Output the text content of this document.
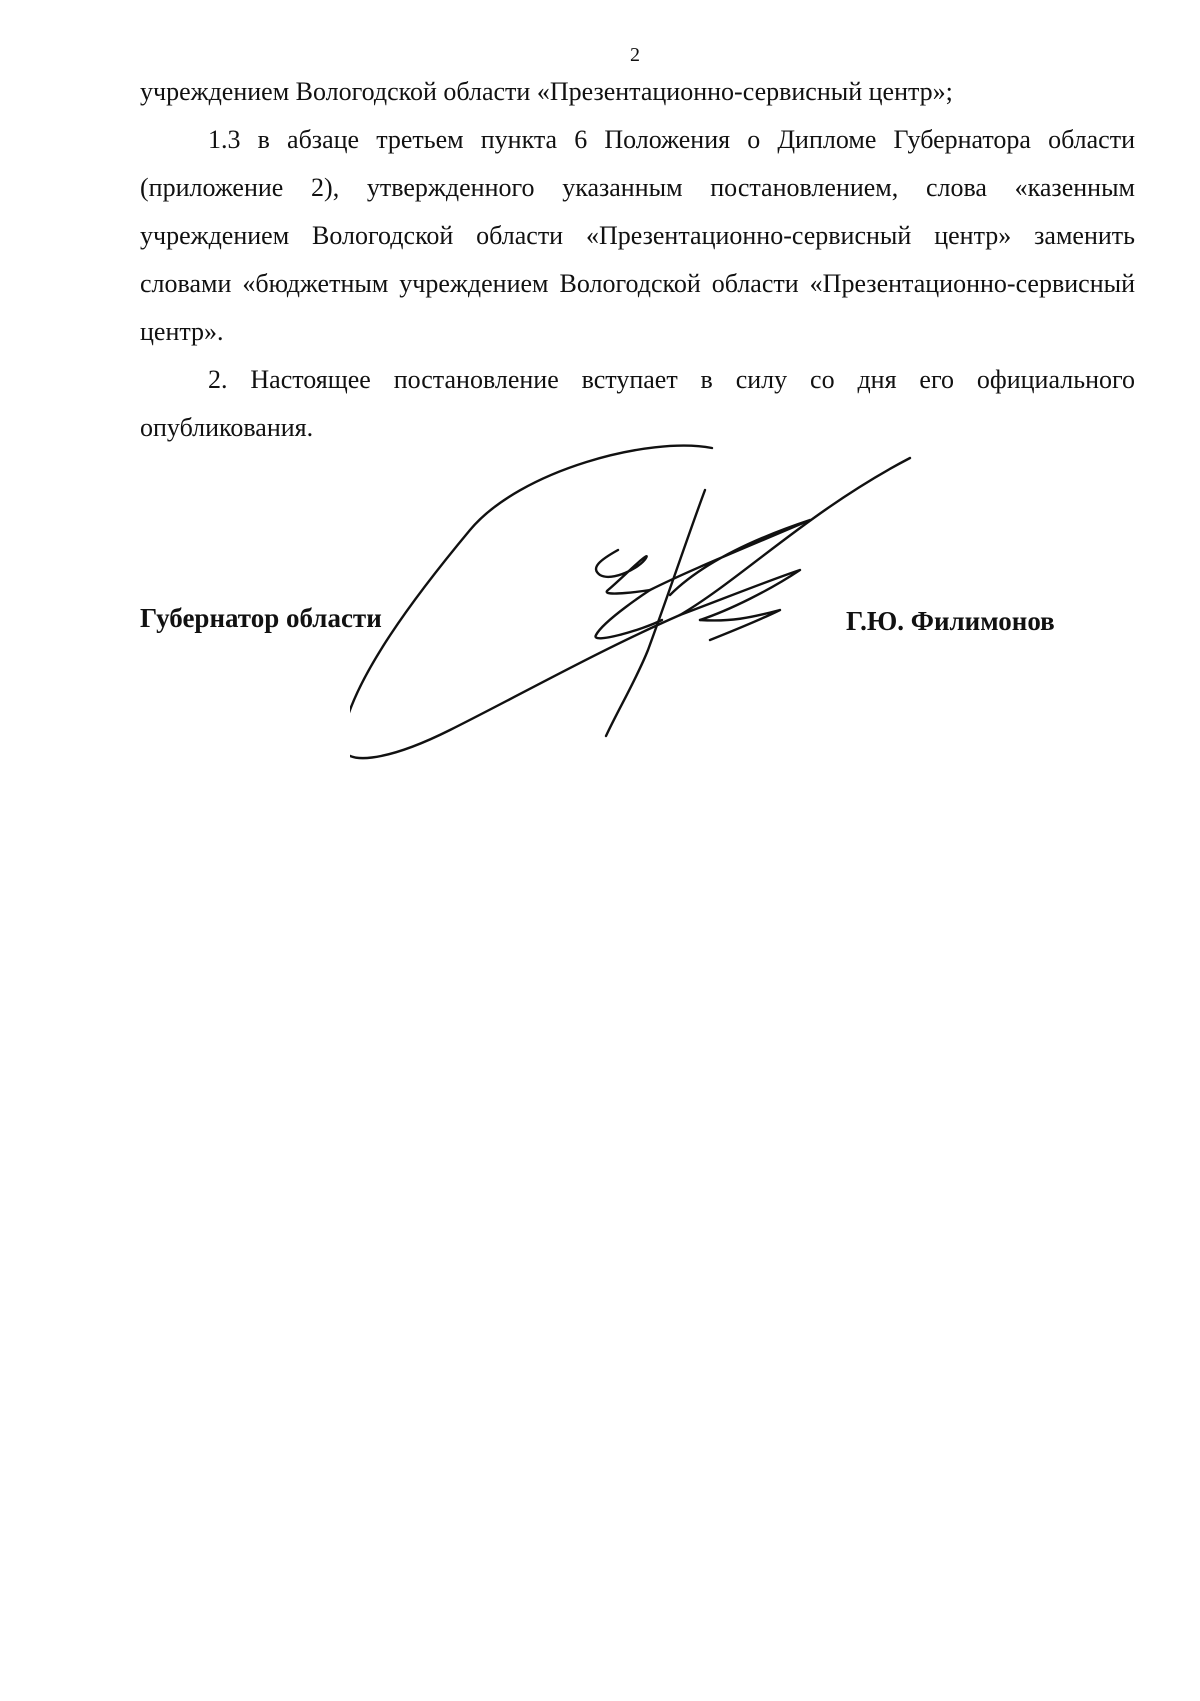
2

учреждением Вологодской области «Презентационно-сервисный центр»;

1.3 в абзаце третьем пункта 6 Положения о Дипломе Губернатора области (приложение 2), утвержденного указанным постановлением, слова «казенным учреждением Вологодской области «Презентационно-сервисный центр» заменить словами «бюджетным учреждением Вологодской области «Презентационно-сервисный центр».

2. Настоящее постановление вступает в силу со дня его официального опубликования.

Губернатор области	Г.Ю. Филимонов
